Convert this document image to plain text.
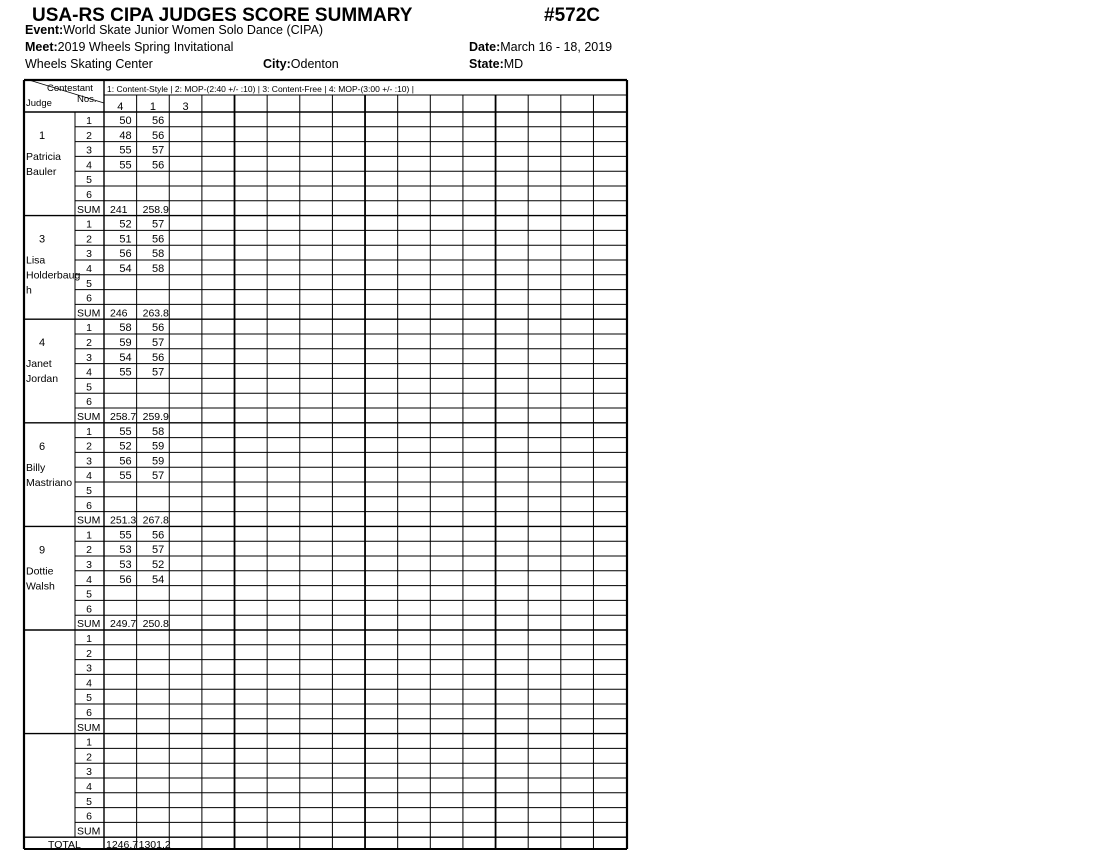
USA-RS CIPA JUDGES SCORE SUMMARY	#572C
Event:World Skate Junior Women Solo Dance (CIPA)
Meet:2019 Wheels Spring Invitational	Date:March 16 - 18, 2019
Wheels Skating Center	City:Odenton	State:MD
Contestant
Nos.
Judge
1: Content-Style | 2: MOP-(2:40 +/- :10) | 3: Content-Free | 4: MOP-(3:00 +/- :10) |
4 1 3
1
Patricia
Bauler
1 50 56
2 48 56
3 55 57
4 55 56
5
6
SUM 241 258.9
3
Lisa
Holderbaug
h
1 52 57
2 51 56
3 56 58
4 54 58
5
6
SUM 246 263.8
4
Janet
Jordan
1 58 56
2 59 57
3 54 56
4 55 57
5
6
SUM 258.7 259.9
6
Billy
Mastriano
1 55 58
2 52 59
3 56 59
4 55 57
5
6
SUM 251.3 267.8
9
Dottie
Walsh
1 55 56
2 53 57
3 53 52
4 56 54
5
6
SUM 249.7 250.8
1
2
3
4
5
6
SUM
1
2
3
4
5
6
SUM
TOTAL 1246.7 1301.2
